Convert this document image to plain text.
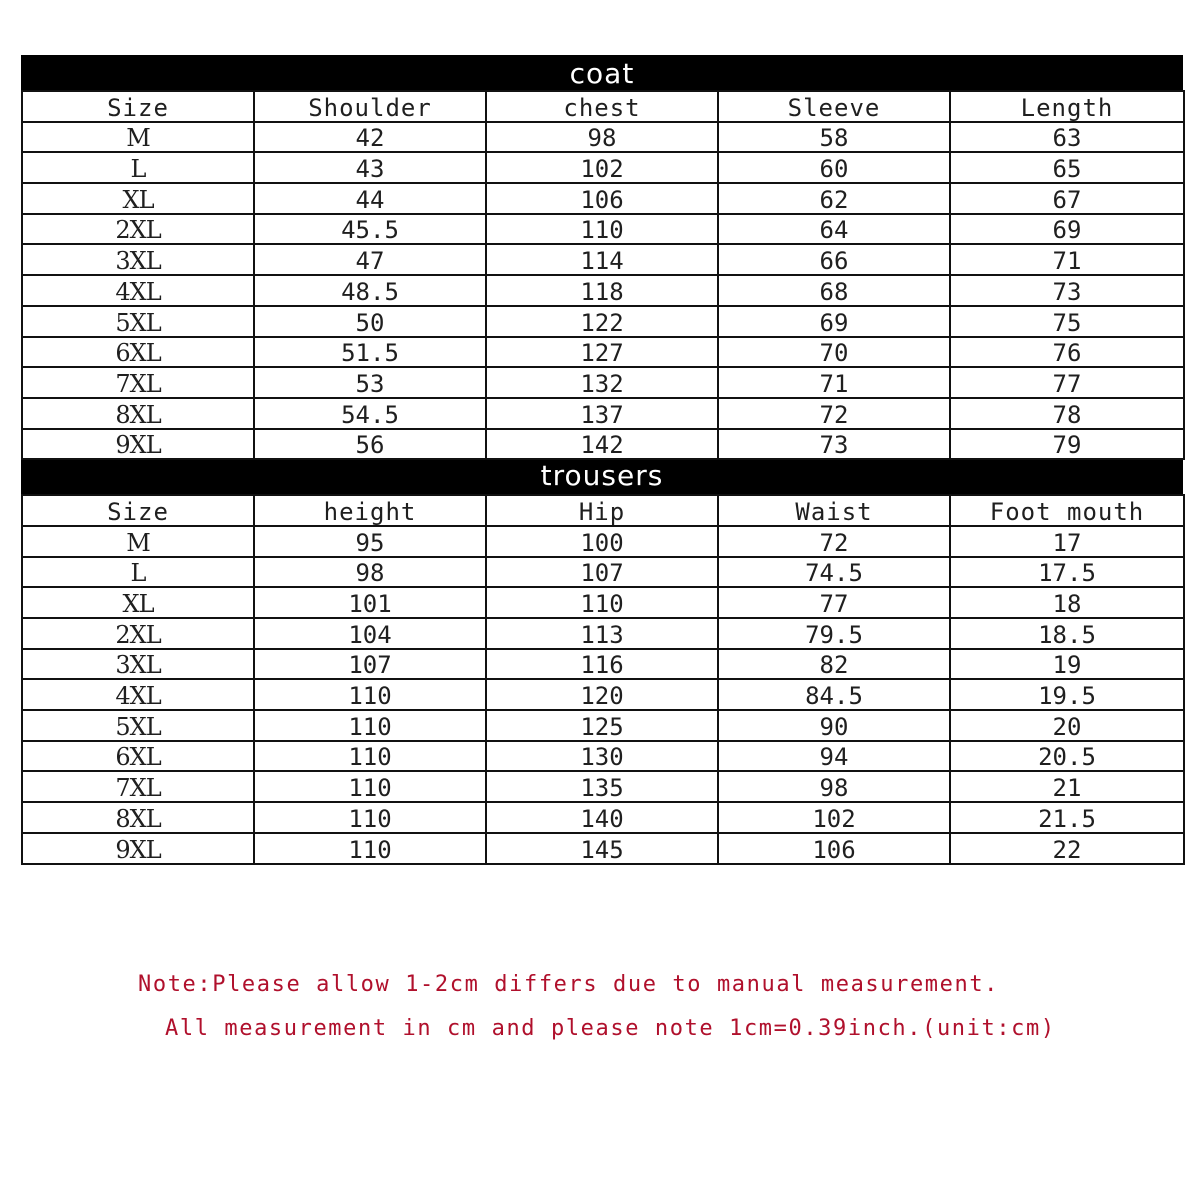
coat
Size	Shoulder	chest	Sleeve	Length
M	42	98	58	63
L	43	102	60	65
XL	44	106	62	67
2XL	45.5	110	64	69
3XL	47	114	66	71
4XL	48.5	118	68	73
5XL	50	122	69	75
6XL	51.5	127	70	76
7XL	53	132	71	77
8XL	54.5	137	72	78
9XL	56	142	73	79
trousers
Size	height	Hip	Waist	Foot mouth
M	95	100	72	17
L	98	107	74.5	17.5
XL	101	110	77	18
2XL	104	113	79.5	18.5
3XL	107	116	82	19
4XL	110	120	84.5	19.5
5XL	110	125	90	20
6XL	110	130	94	20.5
7XL	110	135	98	21
8XL	110	140	102	21.5
9XL	110	145	106	22
Note:Please allow 1-2cm differs due to manual measurement.
All measurement in cm and please note 1cm=0.39inch.(unit:cm)
